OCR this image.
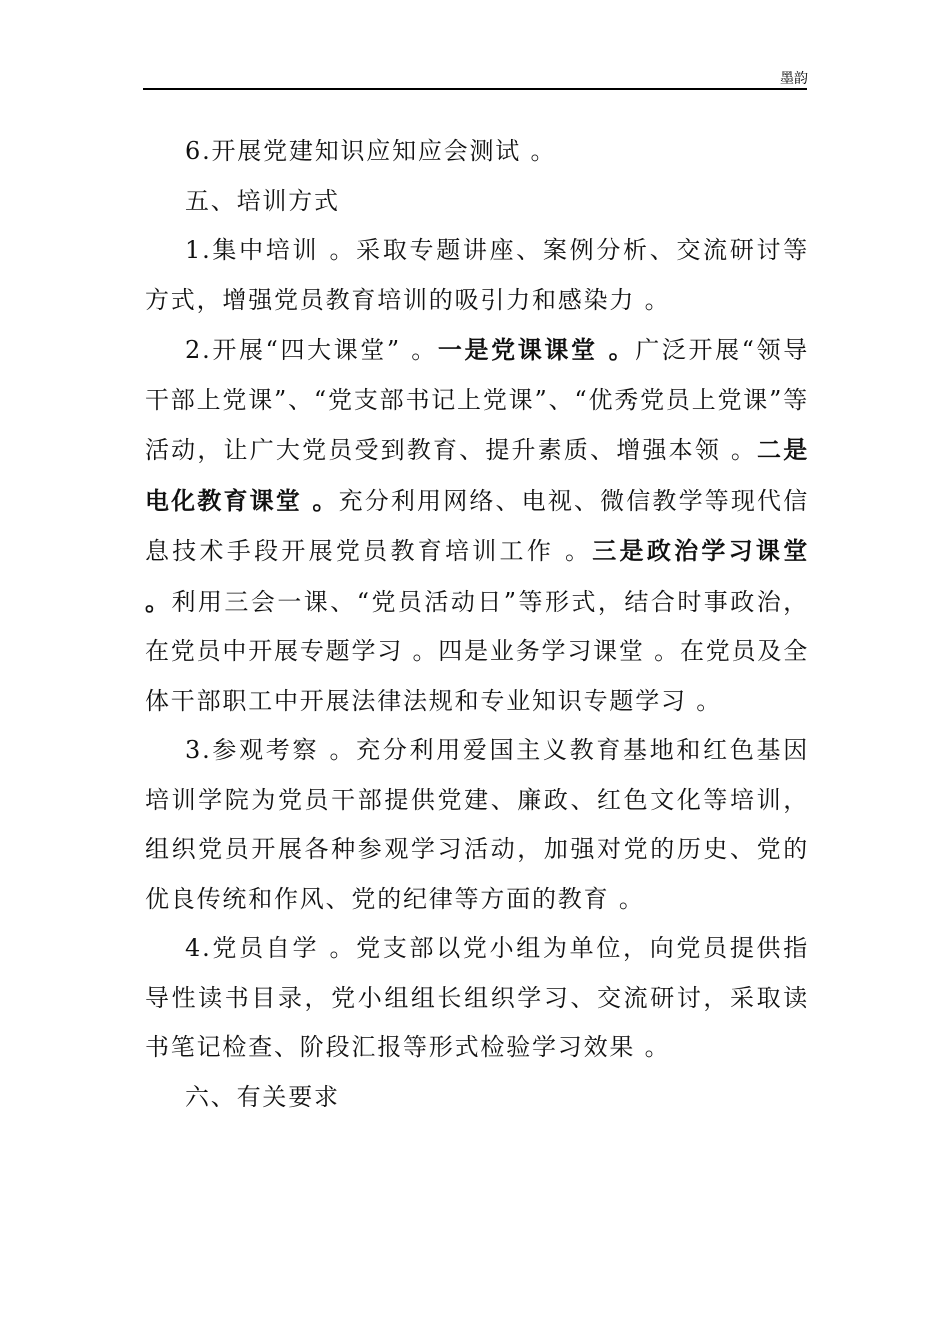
墨韵

6.开展党建知识应知应会测试 。

五、培训方式

1.集中培训 。采取专题讲座、案例分析、交流研讨等方式，增强党员教育培训的吸引力和感染力 。

2.开展“四大课堂” 。一是党课课堂 。广泛开展“领导干部上党课”、“党支部书记上党课”、“优秀党员上党课”等活动，让广大党员受到教育、提升素质、增强本领 。二是电化教育课堂 。充分利用网络、电视、微信教学等现代信息技术手段开展党员教育培训工作 。三是政治学习课堂 。利用三会一课、“党员活动日”等形式，结合时事政治，在党员中开展专题学习 。四是业务学习课堂 。在党员及全体干部职工中开展法律法规和专业知识专题学习 。

3.参观考察 。充分利用爱国主义教育基地和红色基因培训学院为党员干部提供党建、廉政、红色文化等培训，组织党员开展各种参观学习活动，加强对党的历史、党的优良传统和作风、党的纪律等方面的教育 。

4.党员自学 。党支部以党小组为单位，向党员提供指导性读书目录，党小组组长组织学习、交流研讨，采取读书笔记检查、阶段汇报等形式检验学习效果 。

六、有关要求
